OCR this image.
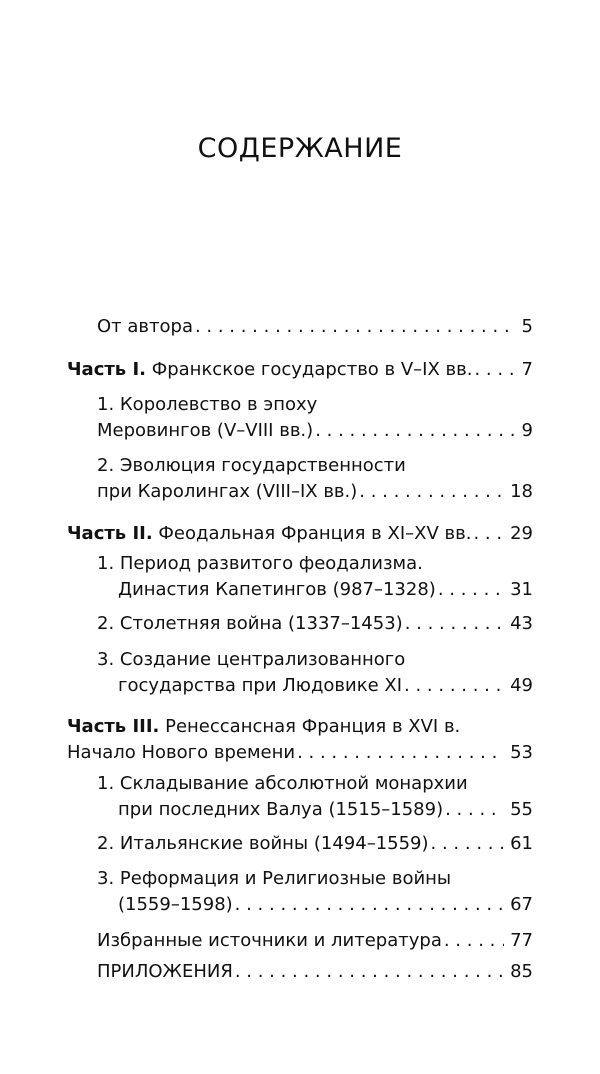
СОДЕРЖАНИЕ
От автора . . .	5
Часть I. Франкское государство в V–IX вв. . . .	7
1. Королевство в эпоху
Меровингов (V–VIII вв.) . . .	9
2. Эволюция государственности
при Каролингах (VIII–IX вв.) . . .	18
Часть II. Феодальная Франция в XI–XV вв. . . . 29
1. Период развитого феодализма.
Династия Капетингов (987–1328) . . .	31
2. Столетняя война (1337–1453) . . .	43
3. Создание централизованного
государства при Людовике XI . . .	49
Часть III. Ренессансная Франция в XVI в.
Начало Нового времени . . .	53
1. Складывание абсолютной монархии
при последних Валуа (1515–1589) . . .	55
2. Итальянские войны (1494–1559) . . .	61
3. Реформация и Религиозные войны
(1559–1598) . . .	67
Избранные источники и литература . . .	77
ПРИЛОЖЕНИЯ . . .	85
